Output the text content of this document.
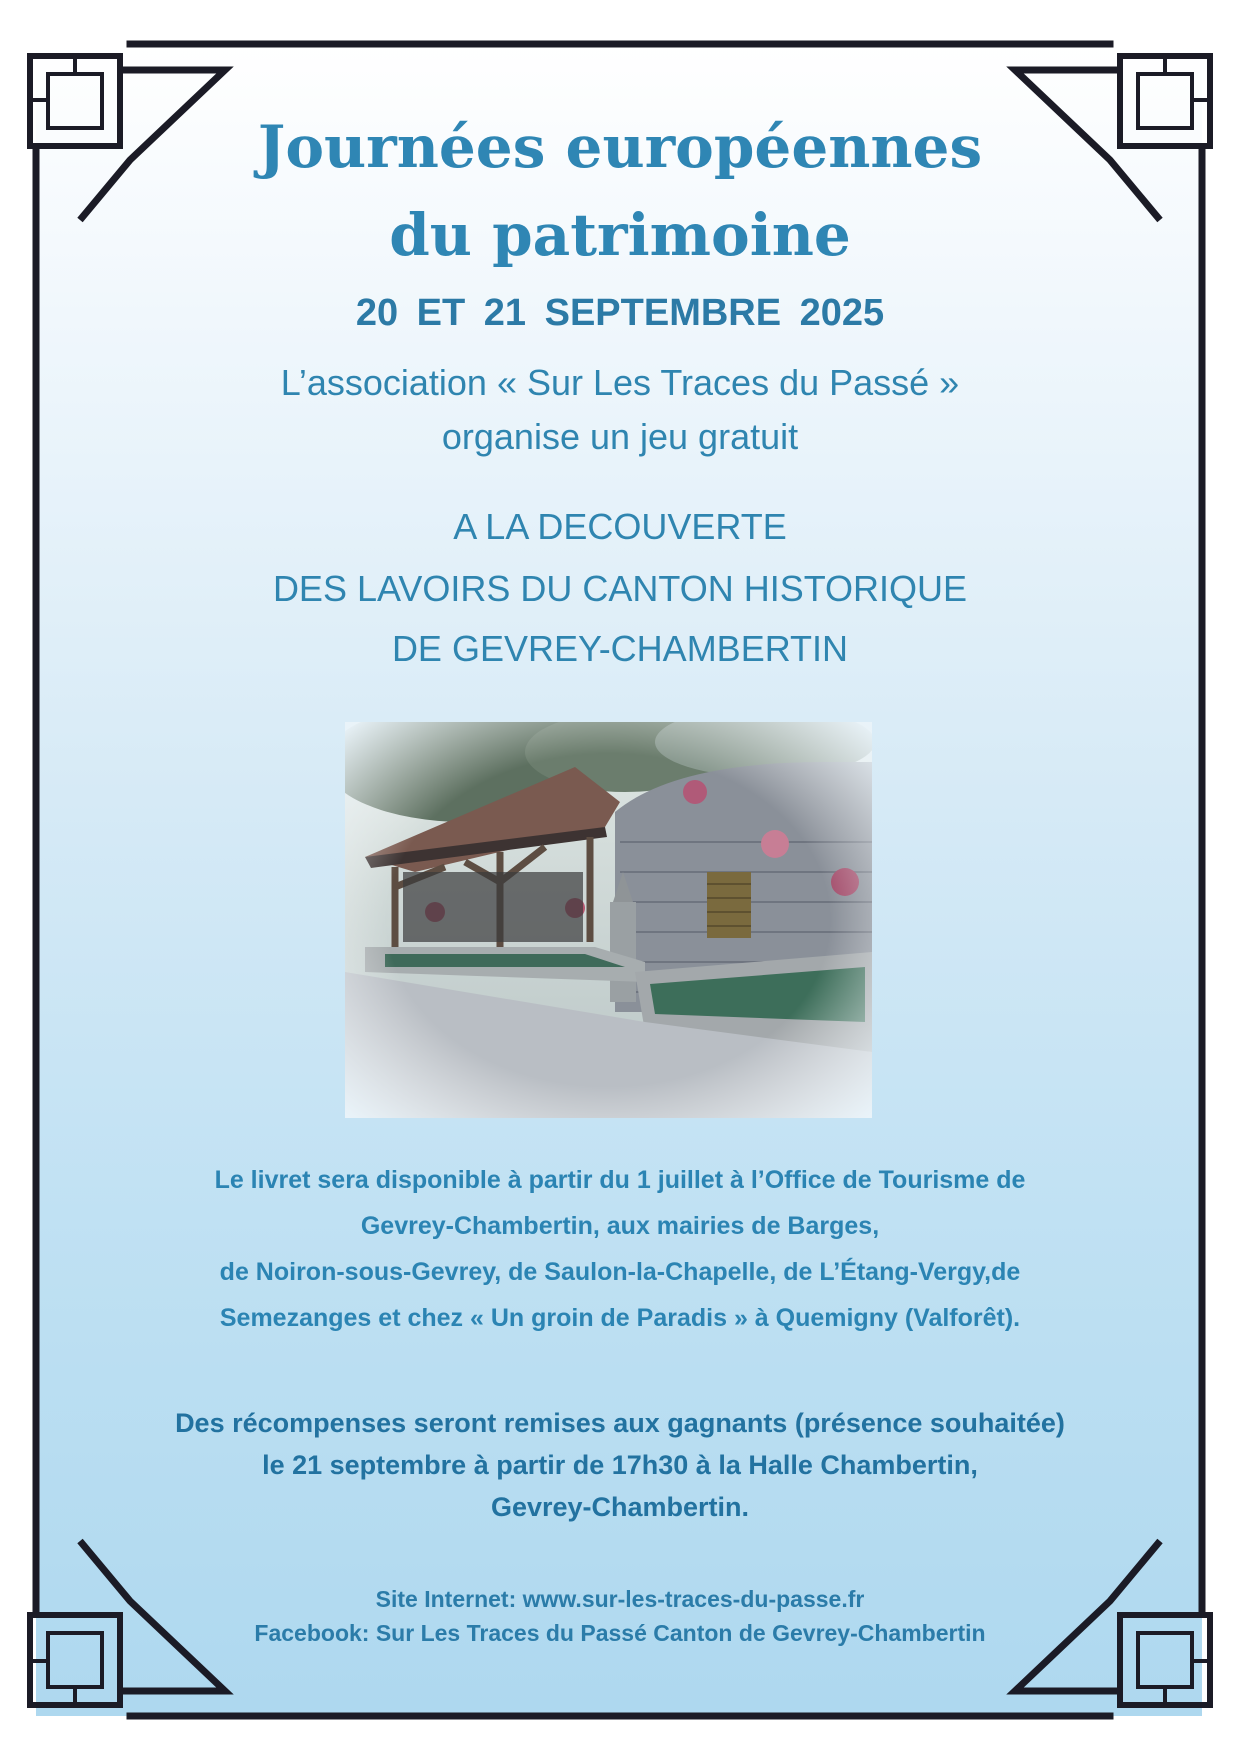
Journées européennes
du patrimoine
20 ET 21 SEPTEMBRE 2025
L’association « Sur Les Traces du Passé »
organise un jeu gratuit
A LA DECOUVERTE
DES LAVOIRS DU CANTON HISTORIQUE
DE GEVREY-CHAMBERTIN
Le livret sera disponible à partir du 1 juillet à l’Office de Tourisme de
Gevrey-Chambertin, aux mairies de Barges,
de Noiron-sous-Gevrey, de Saulon-la-Chapelle, de L’Étang-Vergy,de
Semezanges et chez « Un groin de Paradis » à Quemigny (Valforêt).
Des récompenses seront remises aux gagnants (présence souhaitée)
le 21 septembre à partir de 17h30 à la Halle Chambertin,
Gevrey-Chambertin.
Site Internet: www.sur-les-traces-du-passe.fr
Facebook: Sur Les Traces du Passé Canton de Gevrey-Chambertin
